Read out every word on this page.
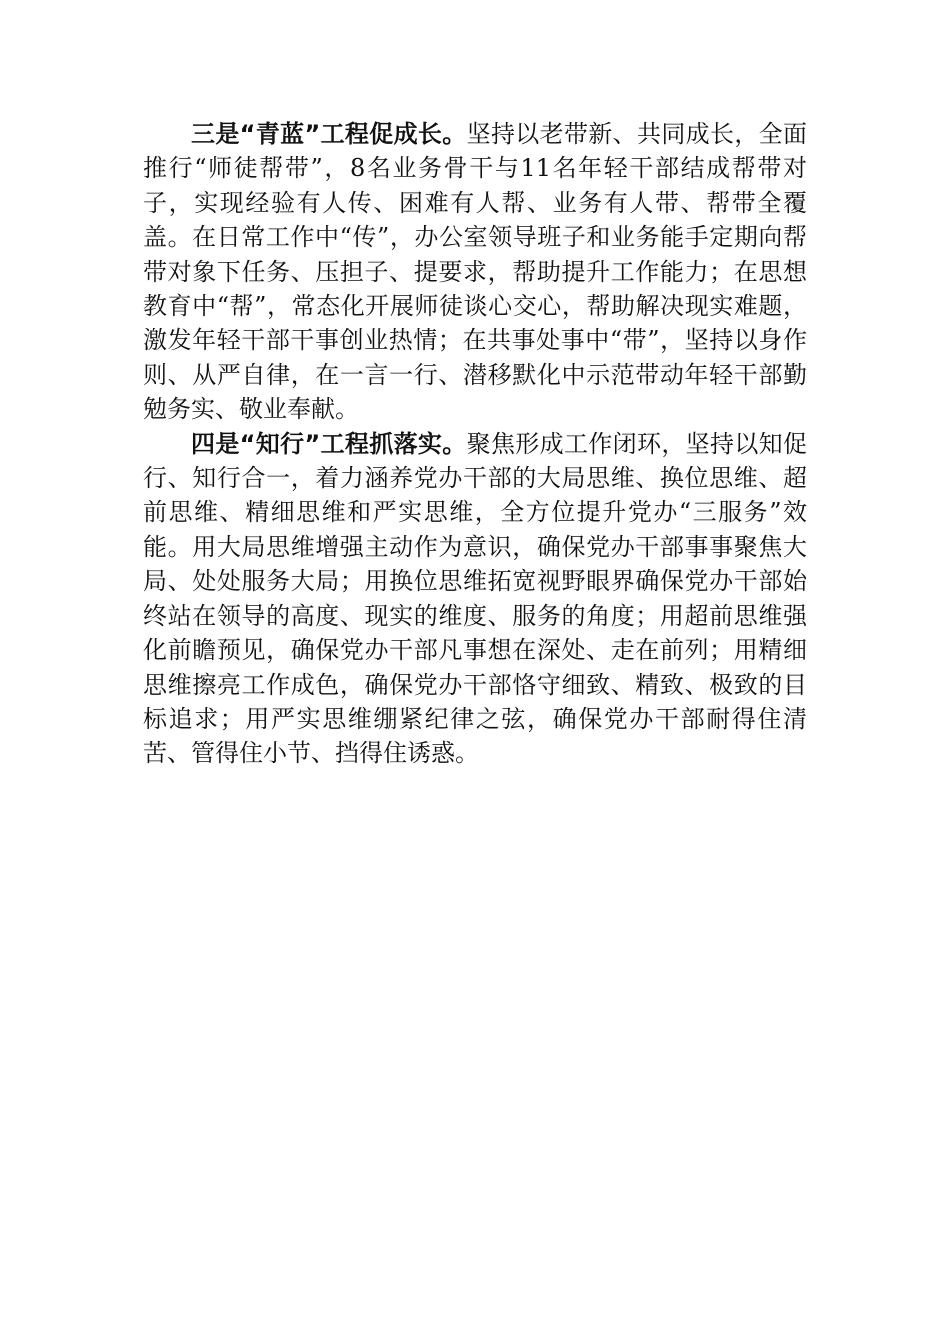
三是“青蓝”工程促成长。坚持以老带新、共同成长，全面推行“师徒帮带”，8名业务骨干与11名年轻干部结成帮带对子，实现经验有人传、困难有人帮、业务有人带、帮带全覆盖。在日常工作中“传”，办公室领导班子和业务能手定期向帮带对象下任务、压担子、提要求，帮助提升工作能力；在思想教育中“帮”，常态化开展师徒谈心交心，帮助解决现实难题，激发年轻干部干事创业热情；在共事处事中“带”，坚持以身作则、从严自律，在一言一行、潜移默化中示范带动年轻干部勤勉务实、敬业奉献。

四是“知行”工程抓落实。聚焦形成工作闭环，坚持以知促行、知行合一，着力涵养党办干部的大局思维、换位思维、超前思维、精细思维和严实思维，全方位提升党办“三服务”效能。用大局思维增强主动作为意识，确保党办干部事事聚焦大局、处处服务大局；用换位思维拓宽视野眼界确保党办干部始终站在领导的高度、现实的维度、服务的角度；用超前思维强化前瞻预见，确保党办干部凡事想在深处、走在前列；用精细思维擦亮工作成色，确保党办干部恪守细致、精致、极致的目标追求；用严实思维绷紧纪律之弦，确保党办干部耐得住清苦、管得住小节、挡得住诱惑。
